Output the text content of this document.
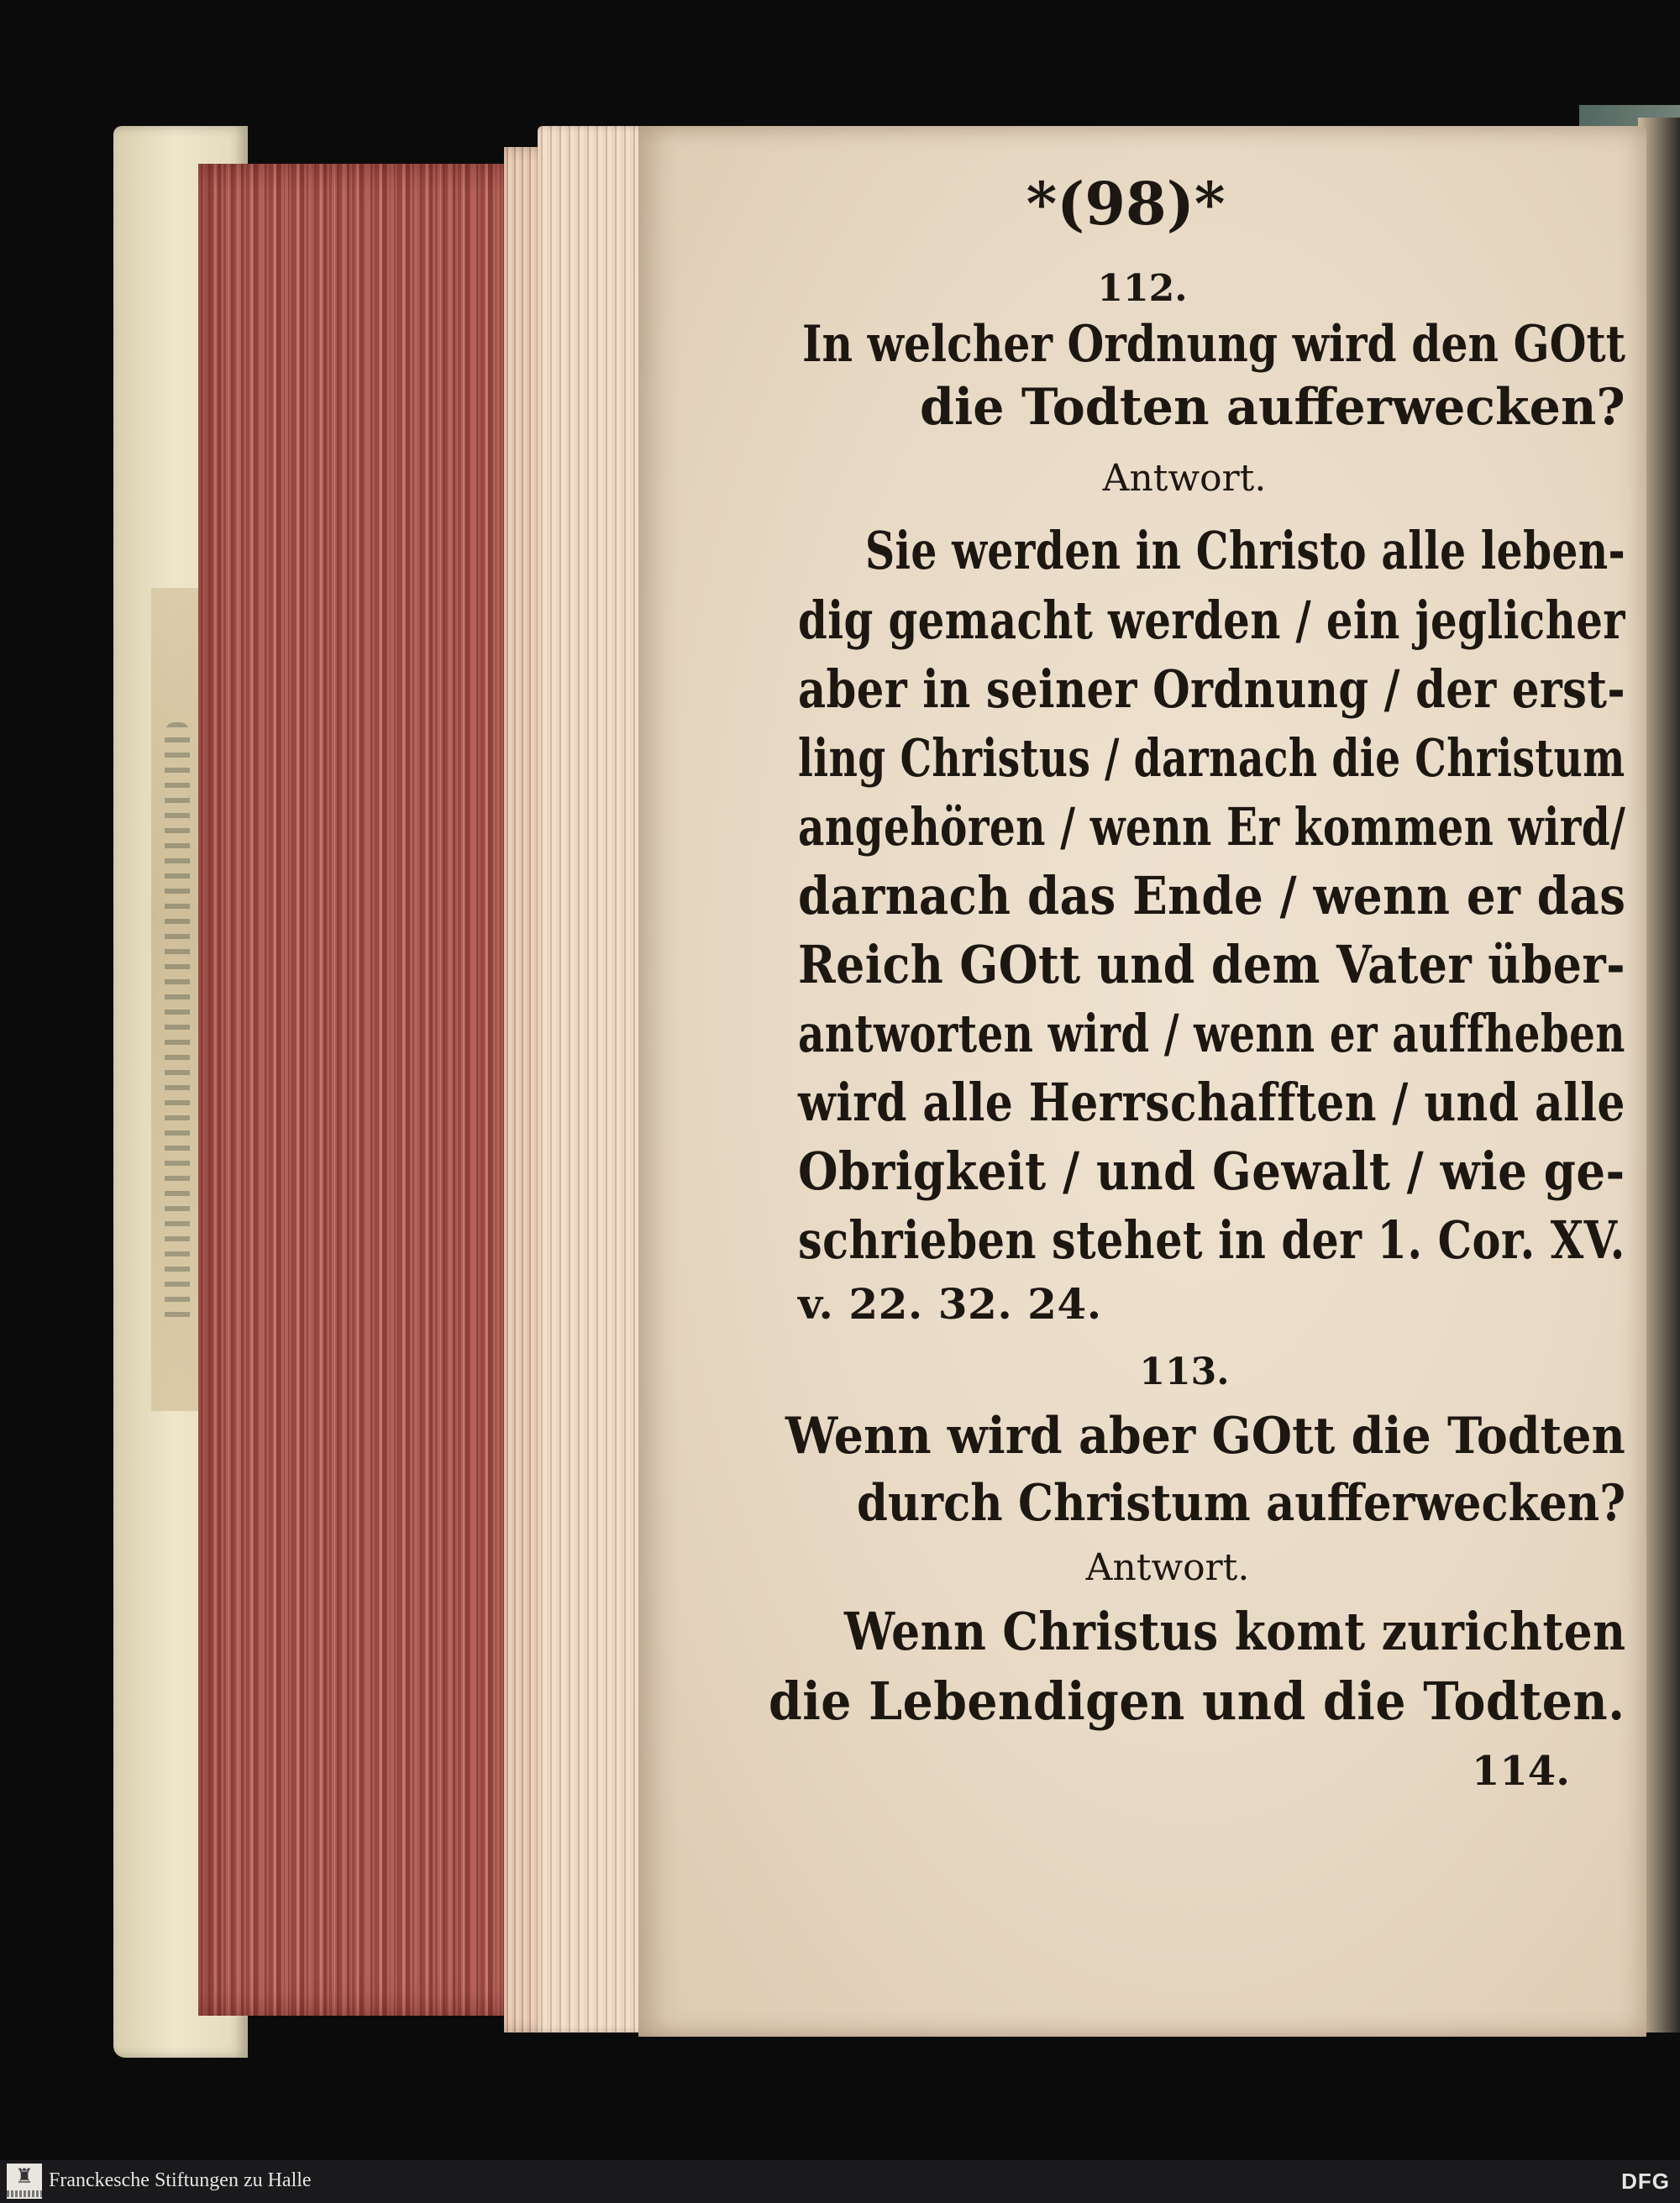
*(98)*
112.
In welcher Ordnung wird den GOtt
die Todten aufferwecken?
Antwort.
Sie werden in Christo alle leben-
dig gemacht werden / ein jeglicher
aber in seiner Ordnung / der erst-
ling Christus / darnach die Christum
angehören / wenn Er kommen wird/
darnach das Ende / wenn er das
Reich GOtt und dem Vater über-
antworten wird / wenn er auffheben
wird alle Herrschafften / und alle
Obrigkeit / und Gewalt / wie ge-
schrieben stehet in der 1. Cor. XV.
v. 22. 32. 24.
113.
Wenn wird aber GOtt die Todten
durch Christum aufferwecken?
Antwort.
Wenn Christus komt zurichten
die Lebendigen und die Todten.
114.
♜ Franckesche Stiftungen zu Halle	DFG
